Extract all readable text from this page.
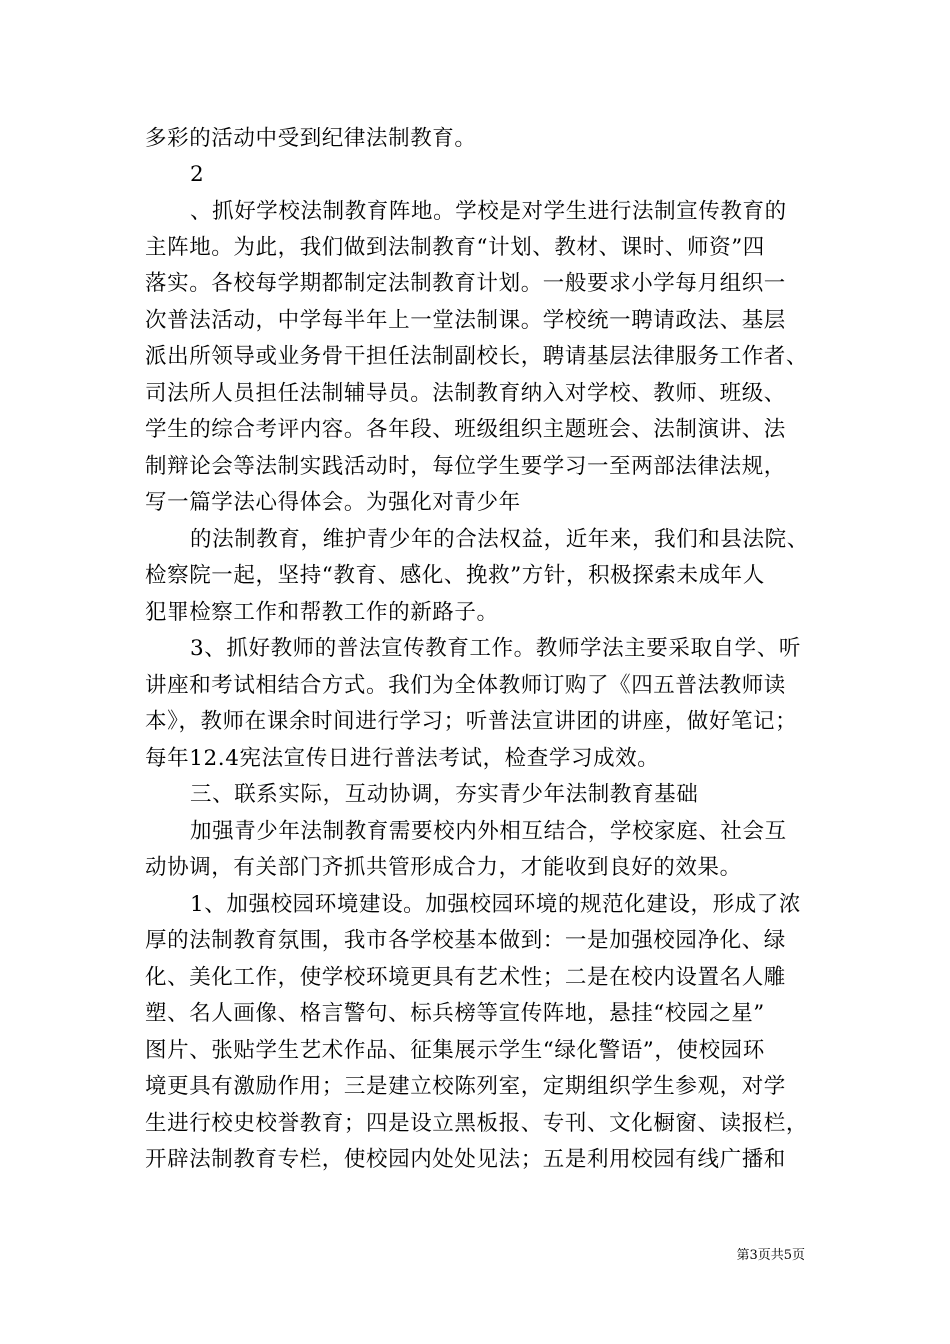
多彩的活动中受到纪律法制教育。
2
、抓好学校法制教育阵地。学校是对学生进行法制宣传教育的
主阵地。为此，我们做到法制教育“计划、教材、课时、师资”四
落实。各校每学期都制定法制教育计划。一般要求小学每月组织一
次普法活动，中学每半年上一堂法制课。学校统一聘请政法、基层
派出所领导或业务骨干担任法制副校长，聘请基层法律服务工作者、
司法所人员担任法制辅导员。法制教育纳入对学校、教师、班级、
学生的综合考评内容。各年段、班级组织主题班会、法制演讲、法
制辩论会等法制实践活动时，每位学生要学习一至两部法律法规，
写一篇学法心得体会。为强化对青少年
的法制教育，维护青少年的合法权益，近年来，我们和县法院、
检察院一起，坚持“教育、感化、挽救”方针，积极探索未成年人
犯罪检察工作和帮教工作的新路子。
3、抓好教师的普法宣传教育工作。教师学法主要采取自学、听
讲座和考试相结合方式。我们为全体教师订购了《四五普法教师读
本》，教师在课余时间进行学习；听普法宣讲团的讲座，做好笔记；
每年12.4宪法宣传日进行普法考试，检查学习成效。
三、联系实际，互动协调，夯实青少年法制教育基础
加强青少年法制教育需要校内外相互结合，学校家庭、社会互
动协调，有关部门齐抓共管形成合力，才能收到良好的效果。
1、加强校园环境建设。加强校园环境的规范化建设，形成了浓
厚的法制教育氛围，我市各学校基本做到：一是加强校园净化、绿
化、美化工作，使学校环境更具有艺术性；二是在校内设置名人雕
塑、名人画像、格言警句、标兵榜等宣传阵地，悬挂“校园之星”
图片、张贴学生艺术作品、征集展示学生“绿化警语”，使校园环
境更具有激励作用；三是建立校陈列室，定期组织学生参观，对学
生进行校史校誉教育；四是设立黑板报、专刊、文化橱窗、读报栏，
开辟法制教育专栏，使校园内处处见法；五是利用校园有线广播和
第3页共5页
